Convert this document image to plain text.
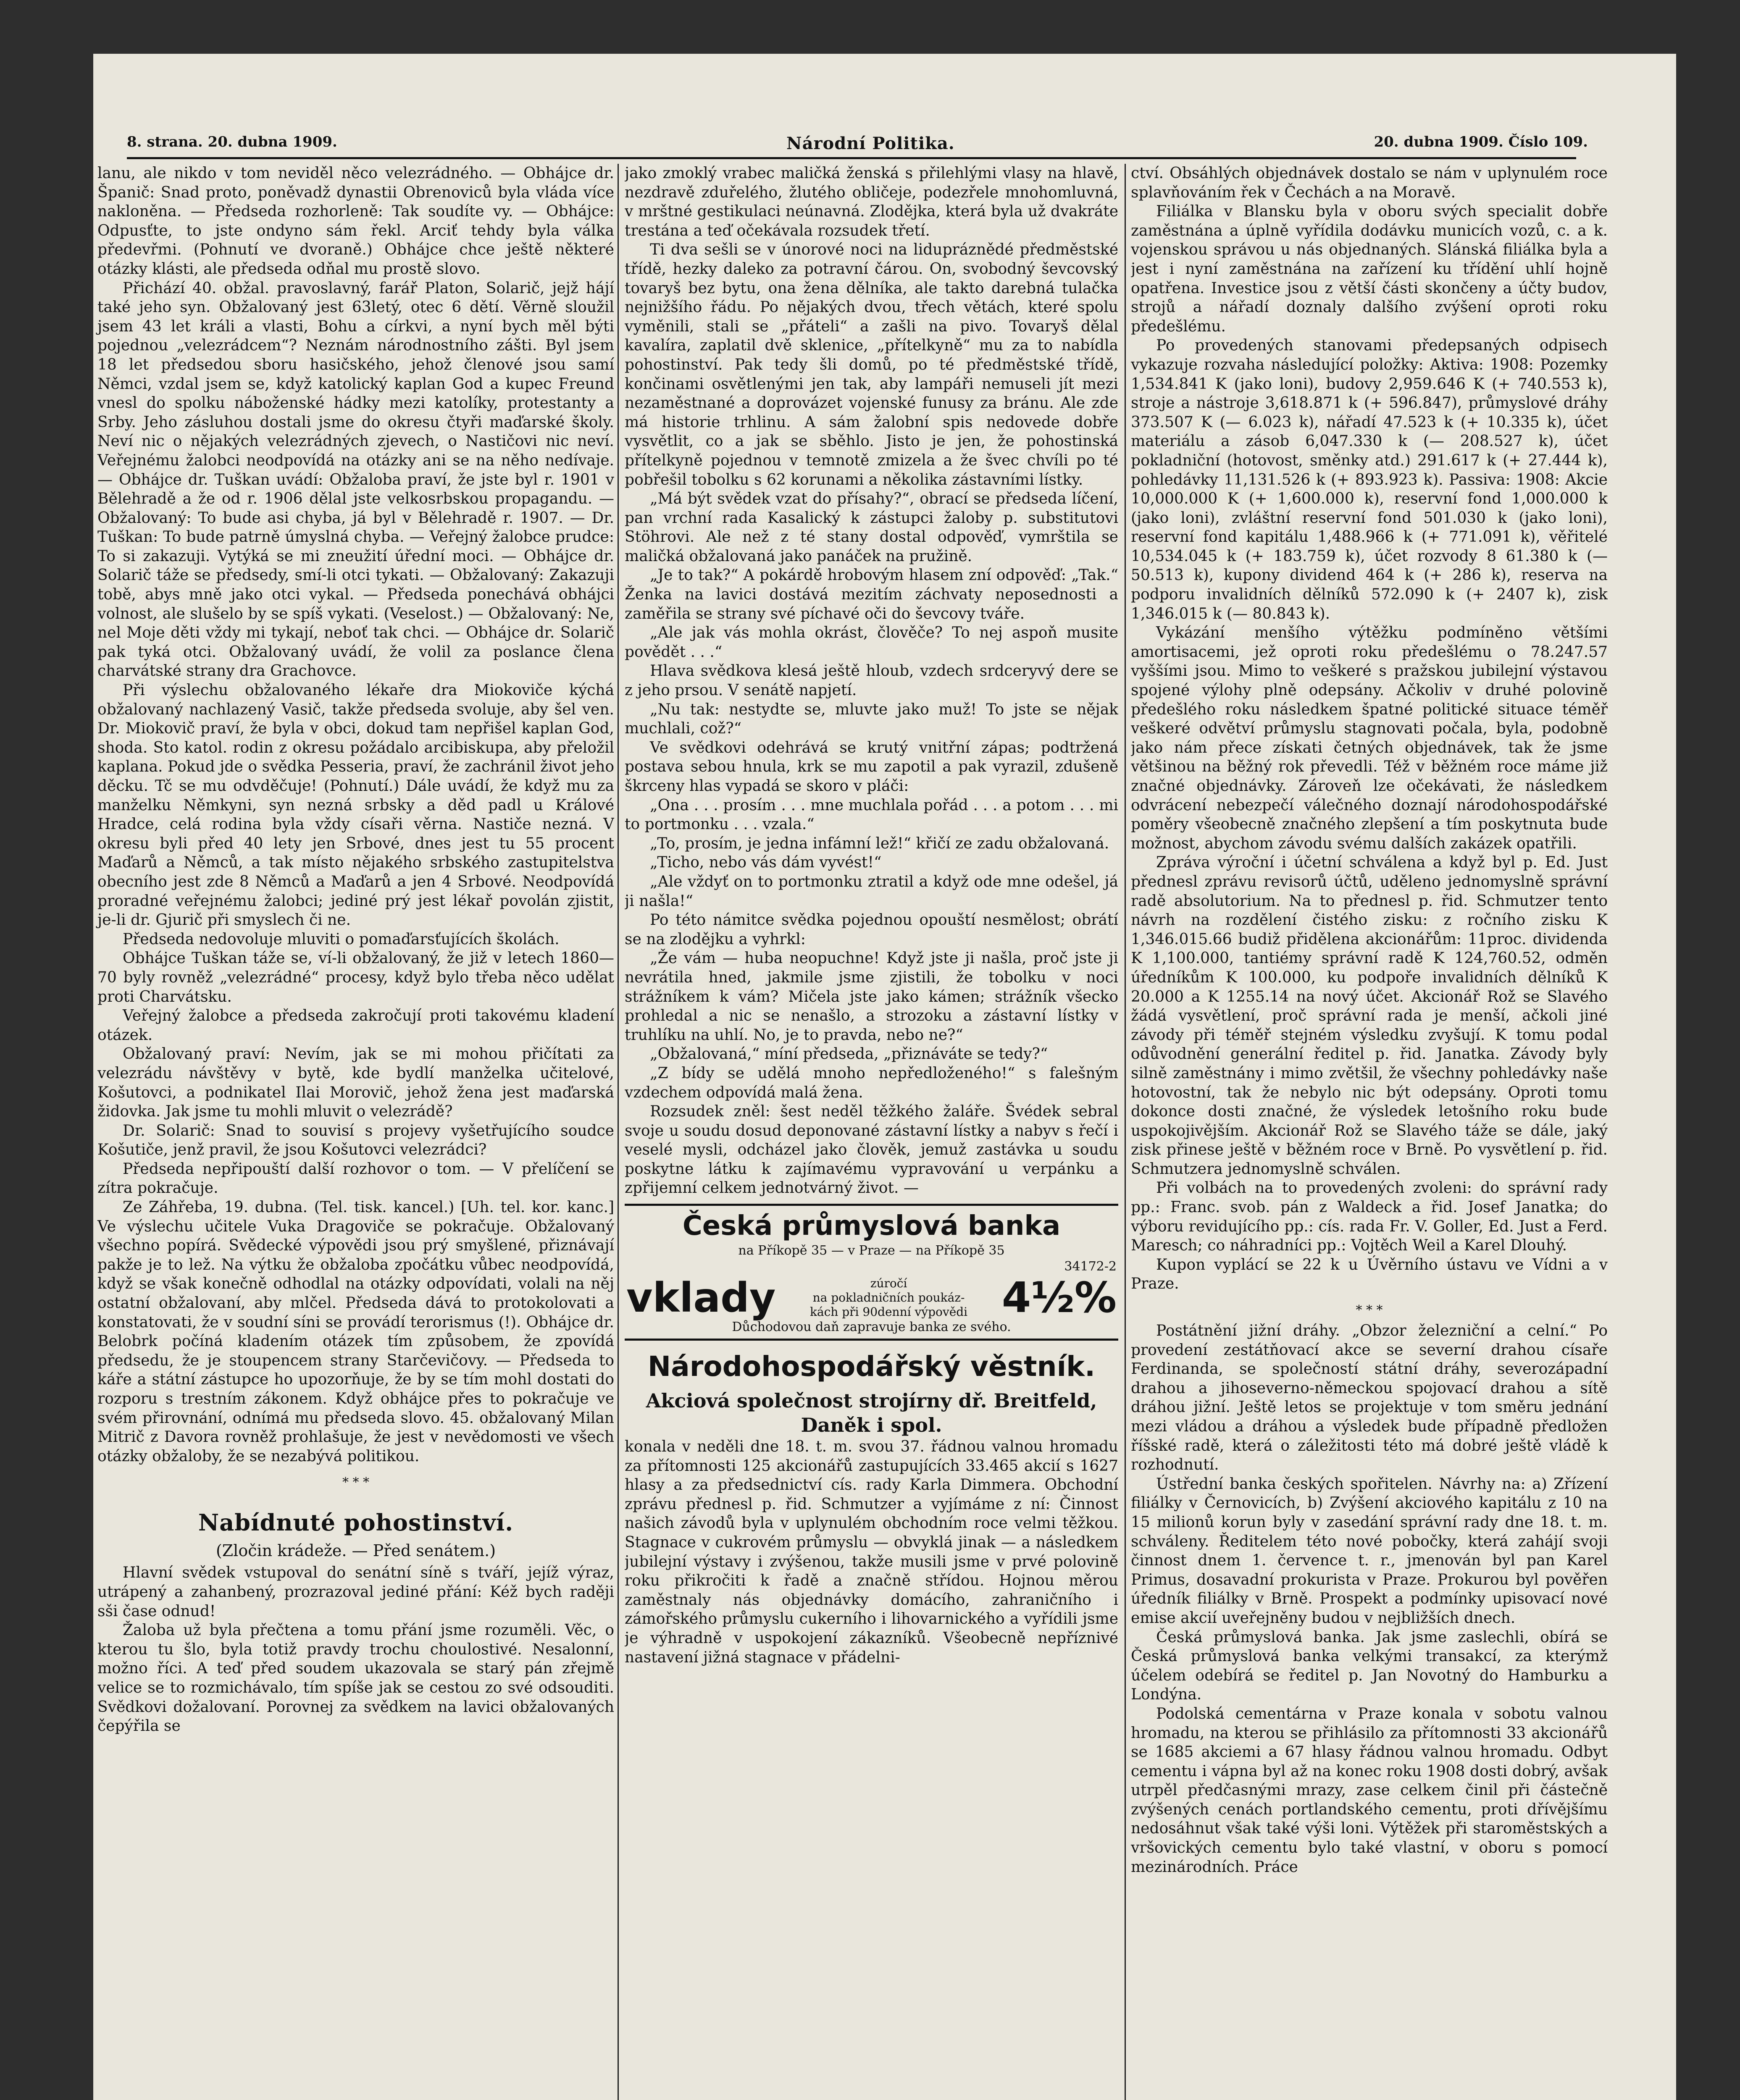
8. strana. 20. dubna 1909.	Národní Politika.	20. dubna 1909. Číslo 109.

lanu, ale nikdo v tom neviděl něco velezrádného. — Obhájce dr. Španič: Snad proto, poněvadž dynastii Obrenoviců byla vláda více nakloněna. — Předseda rozhorleně: Tak soudíte vy. — Obhájce: Odpusťte, to jste ondyno sám řekl. Arciť tehdy byla válka předevřmi. (Pohnutí ve dvoraně.) Obhájce chce ještě některé otázky klásti, ale předseda odňal mu prostě slovo.

Přichází 40. obžal. pravoslavný, farář Platon, Solarič, jejž hájí také jeho syn. Obžalovaný jest 63letý, otec 6 dětí. Věrně sloužil jsem 43 let králi a vlasti, Bohu a církvi, a nyní bych měl býti pojednou „velezrádcem“? Neznám národnostního zášti. Byl jsem 18 let předsedou sboru hasičského, jehož členové jsou samí Němci, vzdal jsem se, když katolický kaplan God a kupec Freund vnesl do spolku náboženské hádky mezi katolíky, protestanty a Srby. Jeho zásluhou dostali jsme do okresu čtyři maďarské školy. Neví nic o nějakých velezrádných zjevech, o Nastičovi nic neví. Veřejnému žalobci neodpovídá na otázky ani se na něho nedívaje. — Obhájce dr. Tuškan uvádí: Obžaloba praví, že jste byl r. 1901 v Bělehradě a že od r. 1906 dělal jste velkosrbskou propagandu. — Obžalovaný: To bude asi chyba, já byl v Bělehradě r. 1907. — Dr. Tuškan: To bude patrně úmyslná chyba. — Veřejný žalobce prudce: To si zakazuji. Vytýká se mi zneužití úřední moci. — Obhájce dr. Solarič táže se předsedy, smí-li otci tykati. — Obžalovaný: Zakazuji tobě, abys mně jako otci vykal. — Předseda ponechává obhájci volnost, ale slušelo by se spíš vykati. (Veselost.) — Obžalovaný: Ne, nel Moje děti vždy mi tykají, neboť tak chci. — Obhájce dr. Solarič pak tyká otci. Obžalovaný uvádí, že volil za poslance člena charvátské strany dra Grachovce.

Při výslechu obžalovaného lékaře dra Miokoviče kýchá obžalovaný nachlazený Vasič, takže předseda svoluje, aby šel ven. Dr. Miokovič praví, že byla v obci, dokud tam nepřišel kaplan God, shoda. Sto katol. rodin z okresu požádalo arcibiskupa, aby přeložil kaplana. Pokud jde o svědka Pesseria, praví, že zachránil život jeho děcku. Tč se mu odvděčuje! (Pohnutí.) Dále uvádí, že když mu za manželku Němkyni, syn nezná srbsky a děd padl u Králové Hradce, celá rodina byla vždy císaři věrna. Nastiče nezná. V okresu byli před 40 lety jen Srbové, dnes jest tu 55 procent Maďarů a Němců, a tak místo nějakého srbského zastupitelstva obecního jest zde 8 Němců a Maďarů a jen 4 Srbové. Neodpovídá proradné veřejnému žalobci; jediné prý jest lékař povolán zjistit, je-li dr. Gjurič při smyslech či ne.

Předseda nedovoluje mluviti o pomaďarsťujících školách.

Obhájce Tuškan táže se, ví-li obžalovaný, že již v letech 1860—70 byly rovněž „velezrádné“ procesy, když bylo třeba něco udělat proti Charvátsku.

Veřejný žalobce a předseda zakročují proti takovému kladení otázek.

Obžalovaný praví: Nevím, jak se mi mohou přičítati za velezrádu návštěvy v bytě, kde bydlí manželka učitelové, Košutovci, a podnikatel Ilai Morovič, jehož žena jest maďarská židovka. Jak jsme tu mohli mluvit o velezrádě?

Dr. Solarič: Snad to souvisí s projevy vyšetřujícího soudce Košutiče, jenž pravil, že jsou Košutovci velezrádci?

Předseda nepřipouští další rozhovor o tom. — V přelíčení se zítra pokračuje.

Ze Záhřeba, 19. dubna. (Tel. tisk. kancel.) [Uh. tel. kor. kanc.] Ve výslechu učitele Vuka Dragoviče se pokračuje. Obžalovaný všechno popírá. Svědecké výpovědi jsou prý smyšlené, přiznávají pakže je to lež. Na výtku že obžaloba zpočátku vůbec neodpovídá, když se však konečně odhodlal na otázky odpovídati, volali na něj ostatní obžalovaní, aby mlčel. Předseda dává to protokolovati a konstatovati, že v soudní síni se provádí terorismus (!). Obhájce dr. Belobrk počíná kladením otázek tím způsobem, že zpovídá předsedu, že je stoupencem strany Starčevičovy. — Předseda to káře a státní zástupce ho upozorňuje, že by se tím mohl dostati do rozporu s trestním zákonem. Když obhájce přes to pokračuje ve svém přirovnání, odnímá mu předseda slovo. 45. obžalovaný Milan Mitrič z Davora rovněž prohlašuje, že jest v nevědomosti ve všech otázky obžaloby, že se nezabývá politikou.

* * *
Nabídnuté pohostinství.
(Zločin krádeže. — Před senátem.)

Hlavní svědek vstupoval do senátní síně s tváří, jejíž výraz, utrápený a zahanbený, prozrazoval jediné přání: Kéž bych raději sši čase odnud!

Žaloba už byla přečtena a tomu přání jsme rozuměli. Věc, o kterou tu šlo, byla totiž pravdy trochu choulostivé. Nesalonní, možno říci. A teď před soudem ukazovala se starý pán zřejmě velice se to rozmichávalo, tím spíše jak se cestou zo své odsouditi. Svědkovi dožalovaní. Porovnej za svědkem na lavici obžalovaných čepýřila se

jako zmoklý vrabec maličká ženská s přilehlými vlasy na hlavě, nezdravě zduřelého, žlutého obličeje, podezřele mnohomluvná, v mrštné gestikulaci neúnavná. Zlodějka, která byla už dvakráte trestána a teď očekávala rozsudek třetí.

Ti dva sešli se v únorové noci na lidupráznědé předměstské třídě, hezky daleko za potravní čárou. On, svobodný ševcovský tovaryš bez bytu, ona žena dělníka, ale takto darebná tulačka nejnižšího řádu. Po nějakých dvou, třech větách, které spolu vyměnili, stali se „přáteli“ a zašli na pivo. Tovaryš dělal kavalíra, zaplatil dvě sklenice, „přítelkyně“ mu za to nabídla pohostinství. Pak tedy šli domů, po té předměstské třídě, končinami osvětlenými jen tak, aby lampáři nemuseli jít mezi nezaměstnané a doprovázet vojenské funusy za bránu. Ale zde má historie trhlinu. A sám žalobní spis nedovede dobře vysvětlit, co a jak se sběhlo. Jisto je jen, že pohostinská přítelkyně pojednou v temnotě zmizela a že švec chvíli po té pobřešil tobolku s 62 korunami a několika zástavními lístky.

„Má být svědek vzat do přísahy?“, obrací se předseda líčení, pan vrchní rada Kasalický k zástupci žaloby p. substitutovi Stöhrovi. Ale než z té stany dostal odpověď, vymrštila se maličká obžalovaná jako panáček na pružině.

„Je to tak?“ A pokárdě hrobovým hlasem zní odpověď: „Tak.“ Ženka na lavici dostává mezitím záchvaty neposednosti a zaměřila se strany své píchavé oči do ševcovy tváře.

„Ale jak vás mohla okrást, člověče? To nej aspoň musite povědět . . .“

Hlava svědkova klesá ještě hloub, vzdech srdceryvý dere se z jeho prsou. V senátě napjetí.

„Nu tak: nestydte se, mluvte jako muž! To jste se nějak muchlali, což?“

Ve svědkovi odehrává se krutý vnitřní zápas; podtržená postava sebou hnula, krk se mu zapotil a pak vyrazil, zdušeně škrceny hlas vypadá se skoro v pláči:

„Ona . . . prosím . . . mne muchlala pořád . . . a potom . . . mi to portmonku . . . vzala.“

„To, prosím, je jedna infámní lež!“ křičí ze zadu obžalovaná.

„Ticho, nebo vás dám vyvést!“

„Ale vždyť on to portmonku ztratil a když ode mne odešel, já ji našla!“

Po této námitce svědka pojednou opouští nesmělost; obrátí se na zlodějku a vyhrkl:

„Že vám — huba neopuchne! Když jste ji našla, proč jste ji nevrátila hned, jakmile jsme zjistili, že tobolku v noci strážníkem k vám? Mičela jste jako kámen; strážník všecko prohledal a nic se nenašlo, a strozoku a zástavní lístky v truhlíku na uhlí. No, je to pravda, nebo ne?“

„Obžalovaná,“ míní předseda, „přiznáváte se tedy?“

„Z bídy se udělá mnoho nepředloženého!“ s falešným vzdechem odpovídá malá žena.

Rozsudek zněl: šest neděl těžkého žaláře. Švédek sebral svoje u soudu dosud deponované zástavní lístky a nabyv s řečí i veselé mysli, odcházel jako člověk, jemuž zastávka u soudu poskytne látku k zajímavému vypravování u verpánku a zpřijemní celkem jednotvárný život. —

Česká průmyslová banka
na Příkopě 35 — v Praze — na Příkopě 35
34172-2
vklady	zúročí
na pokladničních poukáz-
kách při 90denní výpovědi 4½%
Důchodovou daň zapravuje banka ze svého.
Národohospodářský věstník.
Akciová společnost strojírny dř. Breitfeld, Daněk i spol.

konala v neděli dne 18. t. m. svou 37. řádnou valnou hromadu za přítomnosti 125 akcionářů zastupujících 33.465 akcií s 1627 hlasy a za předsednictví cís. rady Karla Dimmera. Obchodní zprávu přednesl p. řid. Schmutzer a vyjímáme z ní: Činnost našich závodů byla v uplynulém obchodním roce velmi těžkou. Stagnace v cukrovém průmyslu — obvyklá jinak — a následkem jubilejní výstavy i zvýšenou, takže musili jsme v prvé polovině roku přikročiti k řadě a značně střídou. Hojnou měrou zaměstnaly nás objednávky domácího, zahraničního i zámořského průmyslu cukerního i lihovarnického a vyřídili jsme je výhradně v uspokojení zákazníků. Všeobecně nepříznivé nastavení jižná stagnace v přádelni-

ctví. Obsáhlých objednávek dostalo se nám v uplynulém roce splavňováním řek v Čechách a na Moravě.

Filiálka v Blansku byla v oboru svých specialit dobře zaměstnána a úplně vyřídila dodávku municích vozů, c. a k. vojenskou správou u nás objednaných. Slánská filiálka byla a jest i nyní zaměstnána na zařízení ku třídění uhlí hojně opatřena. Investice jsou z větší části skončeny a účty budov, strojů a nářadí doznaly dalšího zvýšení oproti roku předešlému.

Po provedených stanovami předepsaných odpisech vykazuje rozvaha následující položky: Aktiva: 1908: Pozemky 1,534.841 K (jako loni), budovy 2,959.646 K (+ 740.553 k), stroje a nástroje 3,618.871 k (+ 596.847), průmyslové dráhy 373.507 K (— 6.023 k), nářadí 47.523 k (+ 10.335 k), účet materiálu a zásob 6,047.330 k (— 208.527 k), účet pokladniční (hotovost, směnky atd.) 291.617 k (+ 27.444 k), pohledávky 11,131.526 k (+ 893.923 k). Passiva: 1908: Akcie 10,000.000 K (+ 1,600.000 k), reservní fond 1,000.000 k (jako loni), zvláštní reservní fond 501.030 k (jako loni), reservní fond kapitálu 1,488.966 k (+ 771.091 k), věřitelé 10,534.045 k (+ 183.759 k), účet rozvody 8 61.380 k (— 50.513 k), kupony dividend 464 k (+ 286 k), reserva na podporu invalidních dělníků 572.090 k (+ 2407 k), zisk 1,346.015 k (— 80.843 k).

Vykázání menšího výtěžku podmíněno většími amortisacemi, jež oproti roku předešlému o 78.247.57 vyššími jsou. Mimo to veškeré s pražskou jubilejní výstavou spojené výlohy plně odepsány. Ačkoliv v druhé polovině předešlého roku následkem špatné politické situace téměř veškeré odvětví průmyslu stagnovati počala, byla, podobně jako nám přece získati četných objednávek, tak že jsme většinou na běžný rok převedli. Též v běžném roce máme již značné objednávky. Zároveň lze očekávati, že následkem odvrácení nebezpečí válečného doznají národohospodářské poměry všeobecně značného zlepšení a tím poskytnuta bude možnost, abychom závodu svému dalších zakázek opatřili.

Zpráva výroční i účetní schválena a když byl p. Ed. Just přednesl zprávu revisorů účtů, uděleno jednomyslně správní radě absolutorium. Na to přednesl p. řid. Schmutzer tento návrh na rozdělení čistého zisku: z ročního zisku K 1,346.015.66 budiž přidělena akcionářům: 11proc. dividenda K 1,100.000, tantiémy správní radě K 124,760.52, odměn úředníkům K 100.000, ku podpoře invalidních dělníků K 20.000 a K 1255.14 na nový účet. Akcionář Rož se Slavého žádá vysvětlení, proč správní rada je menší, ačkoli jiné závody při téměř stejném výsledku zvyšují. K tomu podal odůvodnění generální ředitel p. řid. Janatka. Závody byly silně zaměstnány i mimo zvětšil, že všechny pohledávky naše hotovostní, tak že nebylo nic být odepsány. Oproti tomu dokonce dosti značné, že výsledek letošního roku bude uspokojivějším. Akcionář Rož se Slavého táže se dále, jaký zisk přinese ještě v běžném roce v Brně. Po vysvětlení p. řid. Schmutzera jednomyslně schválen.

Při volbách na to provedených zvoleni: do správní rady pp.: Franc. svob. pán z Waldeck a řid. Josef Janatka; do výboru revidujícího pp.: cís. rada Fr. V. Goller, Ed. Just a Ferd. Maresch; co náhradníci pp.: Vojtěch Weil a Karel Dlouhý.

Kupon vyplácí se 22 k u Úvěrního ústavu ve Vídni a v Praze.

* * *

Postátnění jižní dráhy. „Obzor železniční a celní.“ Po provedení zestátňovací akce se severní drahou císaře Ferdinanda, se společností státní dráhy, severozápadní drahou a jihoseverno-německou spojovací drahou a sítě dráhou jižní. Ještě letos se projektuje v tom směru jednání mezi vládou a dráhou a výsledek bude případně předložen říšské radě, která o záležitosti této má dobré ještě vládě k rozhodnutí.

Ústřední banka českých spořitelen. Návrhy na: a) Zřízení filiálky v Černovicích, b) Zvýšení akciového kapitálu z 10 na 15 milionů korun byly v zasedání správní rady dne 18. t. m. schváleny. Ředitelem této nové pobočky, která zahájí svoji činnost dnem 1. července t. r., jmenován byl pan Karel Primus, dosavadní prokurista v Praze. Prokurou byl pověřen úředník filiálky v Brně. Prospekt a podmínky upisovací nové emise akcií uveřejněny budou v nejbližších dnech.

Česká průmyslová banka. Jak jsme zaslechli, obírá se Česká průmyslová banka velkými transakcí, za kterýmž účelem odebírá se ředitel p. Jan Novotný do Hamburku a Londýna.

Podolská cementárna v Praze konala v sobotu valnou hromadu, na kterou se přihlásilo za přítomnosti 33 akcionářů se 1685 akciemi a 67 hlasy řádnou valnou hromadu. Odbyt cementu i vápna byl až na konec roku 1908 dosti dobrý, avšak utrpěl předčasnými mrazy, zase celkem činil při částečně zvýšených cenách portlandského cementu, proti dřívějšímu nedosáhnut však také výši loni. Výtěžek při staroměstských a vršovických cementu bylo také vlastní, v oboru s pomocí mezinárodních. Práce
